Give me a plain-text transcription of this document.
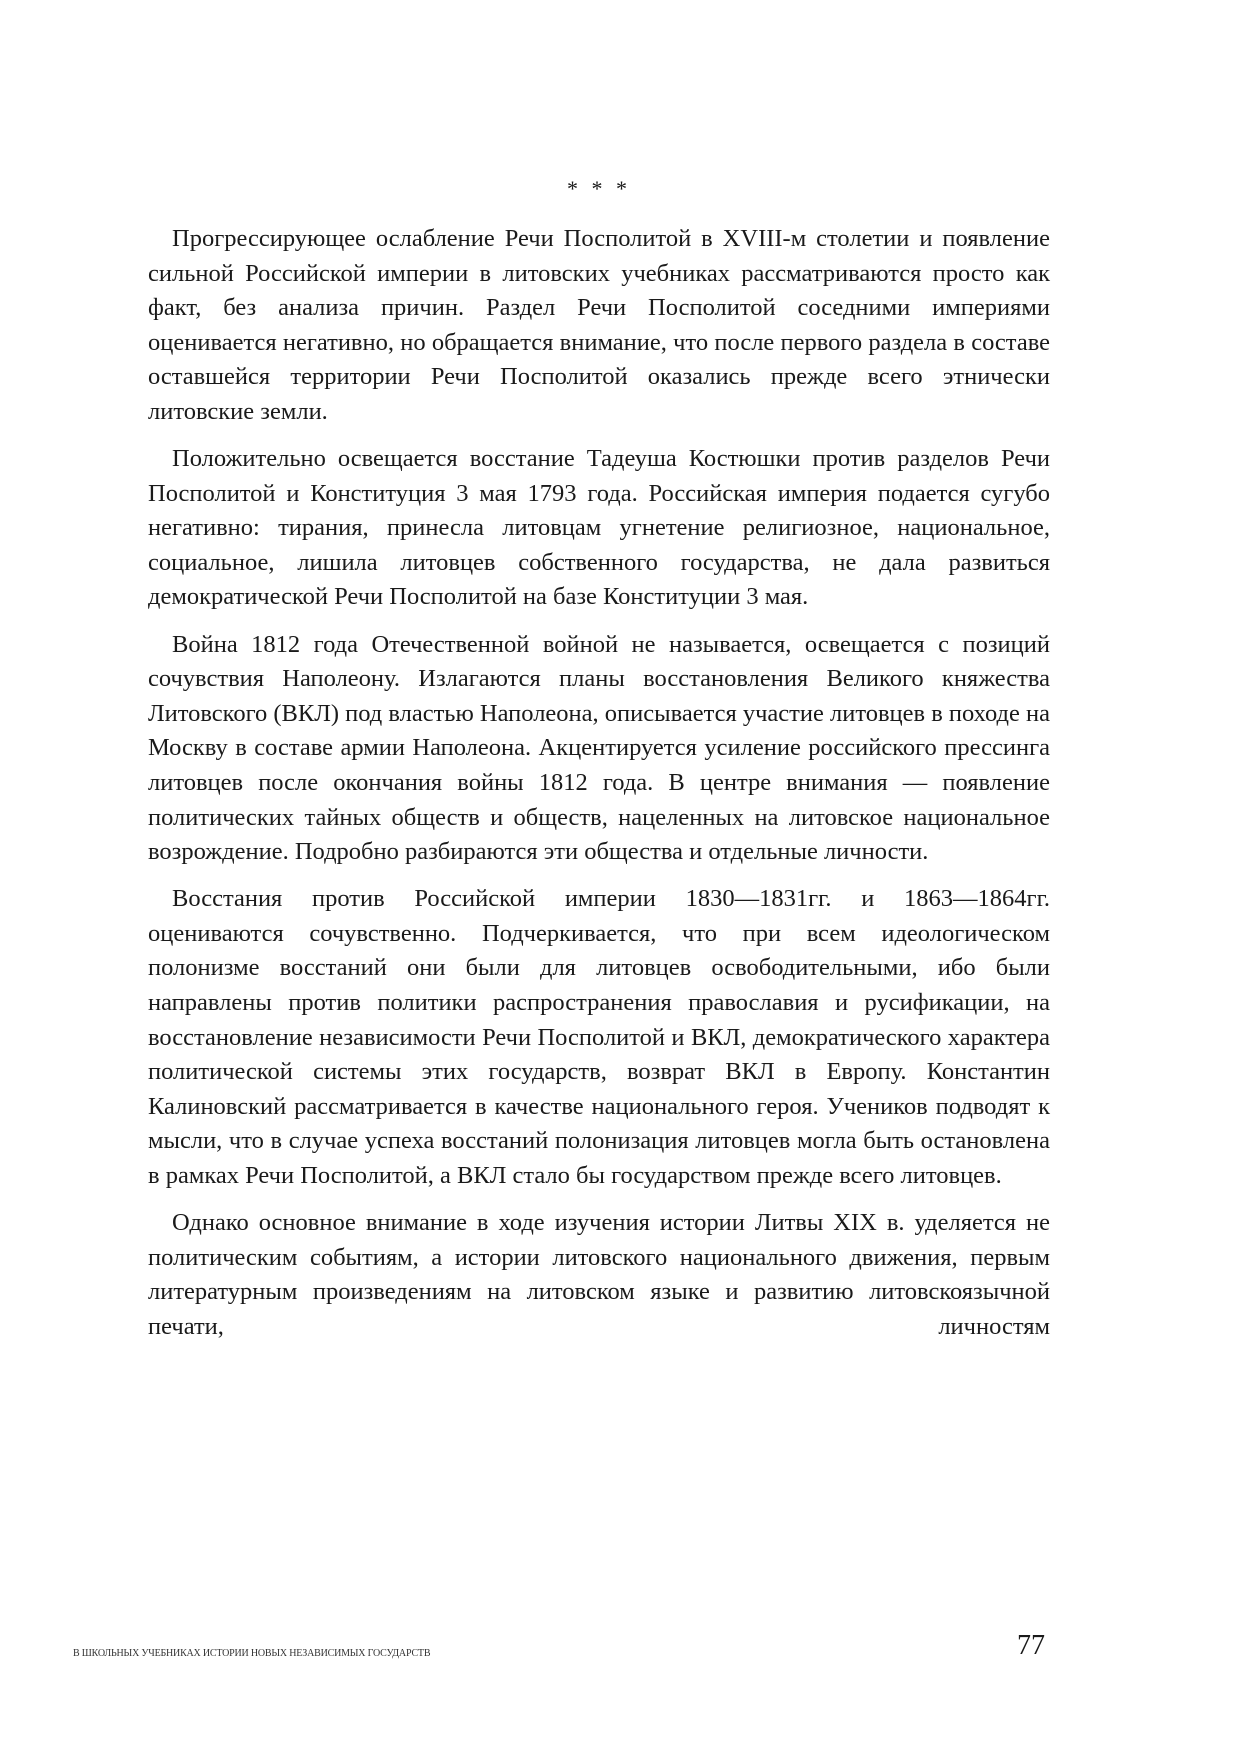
* * *

Прогрессирующее ослабление Речи Посполитой в XVIII-м столетии и появление сильной Российской империи в литовских учебниках рассматриваются просто как факт, без анализа причин. Раздел Речи Посполитой соседними империями оценивается негативно, но обращается внимание, что после первого раздела в составе оставшейся территории Речи Посполитой оказались прежде всего этнически литовские земли.

Положительно освещается восстание Тадеуша Костюшки против разделов Речи Посполитой и Конституция 3 мая 1793 года. Российская империя подается сугубо негативно: тирания, принесла литовцам угнетение религиозное, национальное, социальное, лишила литовцев собственного государства, не дала развиться демократической Речи Посполитой на базе Конституции 3 мая.

Война 1812 года Отечественной войной не называется, освещается с позиций сочувствия Наполеону. Излагаются планы восстановления Великого княжества Литовского (ВКЛ) под властью Наполеона, описывается участие литовцев в походе на Москву в составе армии Наполеона. Акцентируется усиление российского прессинга литовцев после окончания войны 1812 года. В центре внимания — появление политических тайных обществ и обществ, нацеленных на литовское национальное возрождение. Подробно разбираются эти общества и отдельные личности.

Восстания против Российской империи 1830—1831гг. и 1863—1864гг. оцениваются сочувственно. Подчеркивается, что при всем идеологическом полонизме восстаний они были для литовцев освободительными, ибо были направлены против политики распространения православия и русификации, на восстановление независимости Речи Посполитой и ВКЛ, демократического характера политической системы этих государств, возврат ВКЛ в Европу. Константин Калиновский рассматривается в качестве национального героя. Учеников подводят к мысли, что в случае успеха восстаний полонизация литовцев могла быть остановлена в рамках Речи Посполитой, а ВКЛ стало бы государством прежде всего литовцев.

Однако основное внимание в ходе изучения истории Литвы XIX в. уделяется не политическим событиям, а истории литовского национального движения, первым литературным произведениям на литовском языке и развитию литовскоязычной печати, личностям

В ШКОЛЬНЫХ УЧЕБНИКАХ ИСТОРИИ НОВЫХ НЕЗАВИСИМЫХ ГОСУДАРСТВ	77
